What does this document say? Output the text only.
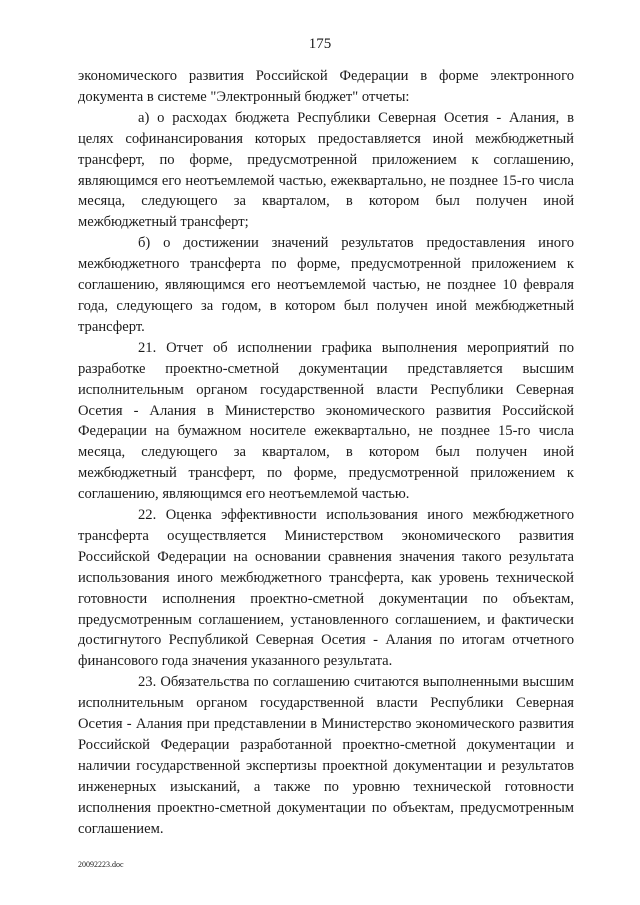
175

экономического развития Российской Федерации в форме электронного документа в системе "Электронный бюджет" отчеты:

а) о расходах бюджета Республики Северная Осетия - Алания, в целях софинансирования которых предоставляется иной межбюджетный трансферт, по форме, предусмотренной приложением к соглашению, являющимся его неотъемлемой частью, ежеквартально, не позднее 15-го числа месяца, следующего за кварталом, в котором был получен иной межбюджетный трансферт;

б) о достижении значений результатов предоставления иного межбюджетного трансферта по форме, предусмотренной приложением к соглашению, являющимся его неотъемлемой частью, не позднее 10 февраля года, следующего за годом, в котором был получен иной межбюджетный трансферт.

21. Отчет об исполнении графика выполнения мероприятий по разработке проектно-сметной документации представляется высшим исполнительным органом государственной власти Республики Северная Осетия - Алания в Министерство экономического развития Российской Федерации на бумажном носителе ежеквартально, не позднее 15-го числа месяца, следующего за кварталом, в котором был получен иной межбюджетный трансферт, по форме, предусмотренной приложением к соглашению, являющимся его неотъемлемой частью.

22. Оценка эффективности использования иного межбюджетного трансферта осуществляется Министерством экономического развития Российской Федерации на основании сравнения значения такого результата использования иного межбюджетного трансферта, как уровень технической готовности исполнения проектно-сметной документации по объектам, предусмотренным соглашением, установленного соглашением, и фактически достигнутого Республикой Северная Осетия - Алания по итогам отчетного финансового года значения указанного результата.

23. Обязательства по соглашению считаются выполненными высшим исполнительным органом государственной власти Республики Северная Осетия - Алания при представлении в Министерство экономического развития Российской Федерации разработанной проектно-сметной документации и наличии государственной экспертизы проектной документации и результатов инженерных изысканий, а также по уровню технической готовности исполнения проектно-сметной документации по объектам, предусмотренным соглашением.

20092223.doc
